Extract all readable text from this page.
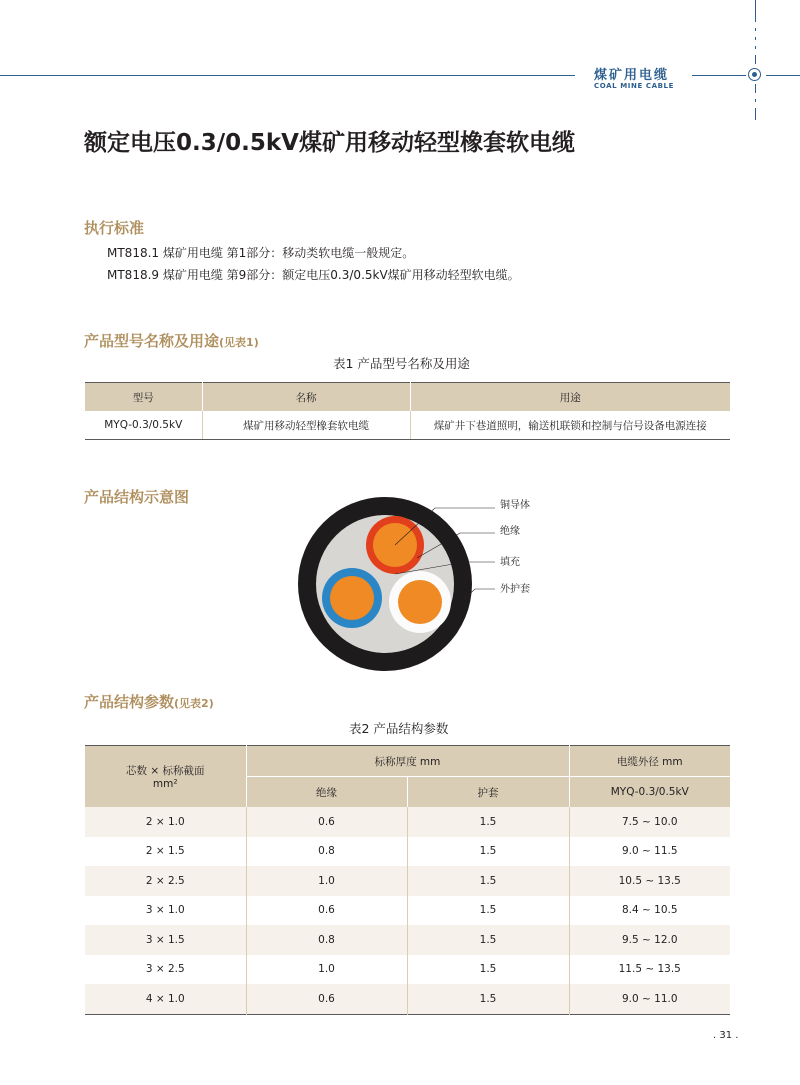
煤矿用电缆
COAL MINE CABLE
额定电压0.3/0.5kV煤矿用移动轻型橡套软电缆
执行标准
MT818.1 煤矿用电缆 第1部分：移动类软电缆一般规定。
MT818.9 煤矿用电缆 第9部分：额定电压0.3/0.5kV煤矿用移动轻型软电缆。
产品型号名称及用途(见表1)
表1 产品型号名称及用途
型号	名称	用途
MYQ-0.3/0.5kV	煤矿用移动轻型橡套软电缆	煤矿井下巷道照明，输送机联锁和控制与信号设备电源连接
产品结构示意图	铜导体
绝缘
填充
外护套
产品结构参数(见表2)
表2 产品结构参数
芯数 × 标称截面
mm²	标称厚度 mm		电缆外径 mm
	绝缘	护套	MYQ-0.3/0.5kV
2 × 1.0	0.6	1.5	7.5 ~ 10.0
2 × 1.5	0.8	1.5	9.0 ~ 11.5
2 × 2.5	1.0	1.5	10.5 ~ 13.5
3 × 1.0	0.6	1.5	8.4 ~ 10.5
3 × 1.5	0.8	1.5	9.5 ~ 12.0
3 × 2.5	1.0	1.5	11.5 ~ 13.5
4 × 1.0	0.6	1.5	9.0 ~ 11.0
. 31 .
